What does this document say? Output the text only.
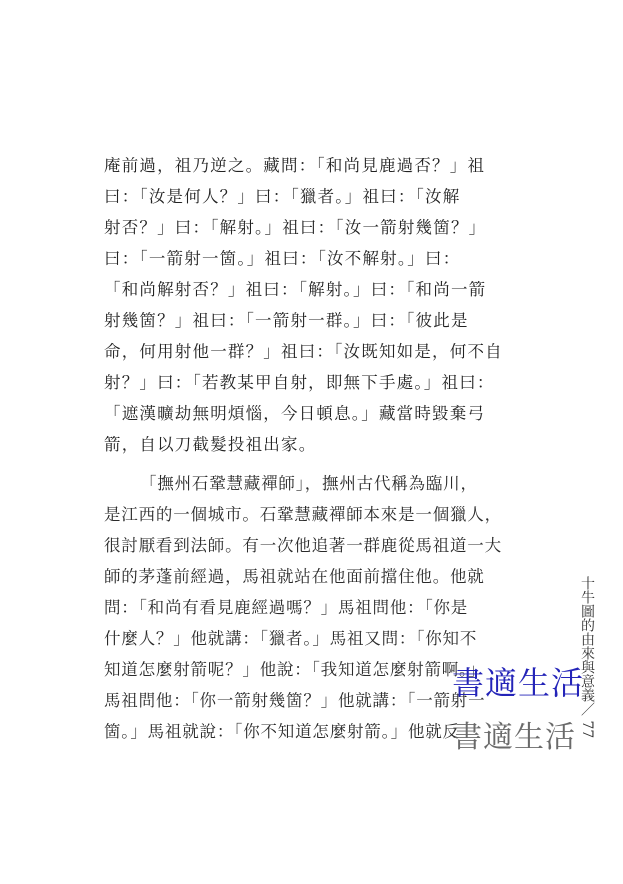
庵前過，祖乃逆之。藏問：「和尚見鹿過否？」祖
曰：「汝是何人？」曰：「獵者。」祖曰：「汝解
射否？」曰：「解射。」祖曰：「汝一箭射幾箇？」
曰：「一箭射一箇。」祖曰：「汝不解射。」曰：
「和尚解射否？」祖曰：「解射。」曰：「和尚一箭
射幾箇？」祖曰：「一箭射一群。」曰：「彼此是
命，何用射他一群？」祖曰：「汝既知如是，何不自
射？」曰：「若教某甲自射，即無下手處。」祖曰：
「遮漢曠劫無明煩惱，今日頓息。」藏當時毀棄弓
箭，自以刀截髮投祖出家。
「撫州石鞏慧藏禪師」，撫州古代稱為臨川，
是江西的一個城市。石鞏慧藏禪師本來是一個獵人，
很討厭看到法師。有一次他追著一群鹿從馬祖道一大
師的茅蓬前經過，馬祖就站在他面前擋住他。他就
問：「和尚有看見鹿經過嗎？」馬祖問他：「你是
什麼人？」他就講：「獵者。」馬祖又問：「你知不
知道怎麼射箭呢？」他說：「我知道怎麼射箭啊。」
馬祖問他：「你一箭射幾箇？」他就講：「一箭射一
箇。」馬祖就說：「你不知道怎麼射箭。」他就反	十牛圖的由來與意義／ 77
書適生活
書適生活
